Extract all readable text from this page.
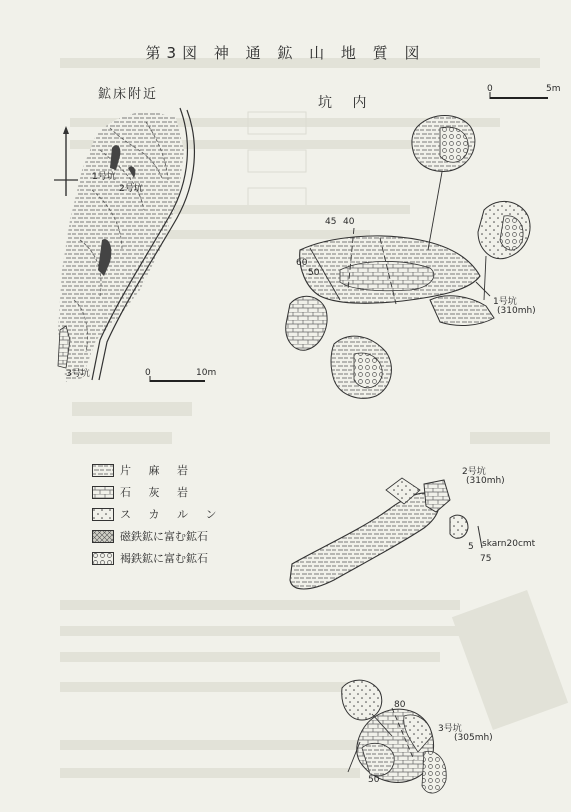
第3図 神 通 鉱 山 地 質 図
鉱床附近
坑 内
1号坑
2号坑
3号坑	0	10m
0	5m
45 40
60
50
1号坑
(310mh)
片 麻 岩
石 灰 岩
ス カ ル ン
磁鉄鉱に富む鉱石
褐鉄鉱に富む鉱石
2号坑
(310mh)
5
75
skarn20cmt
80
3号坑
(305mh)
50
